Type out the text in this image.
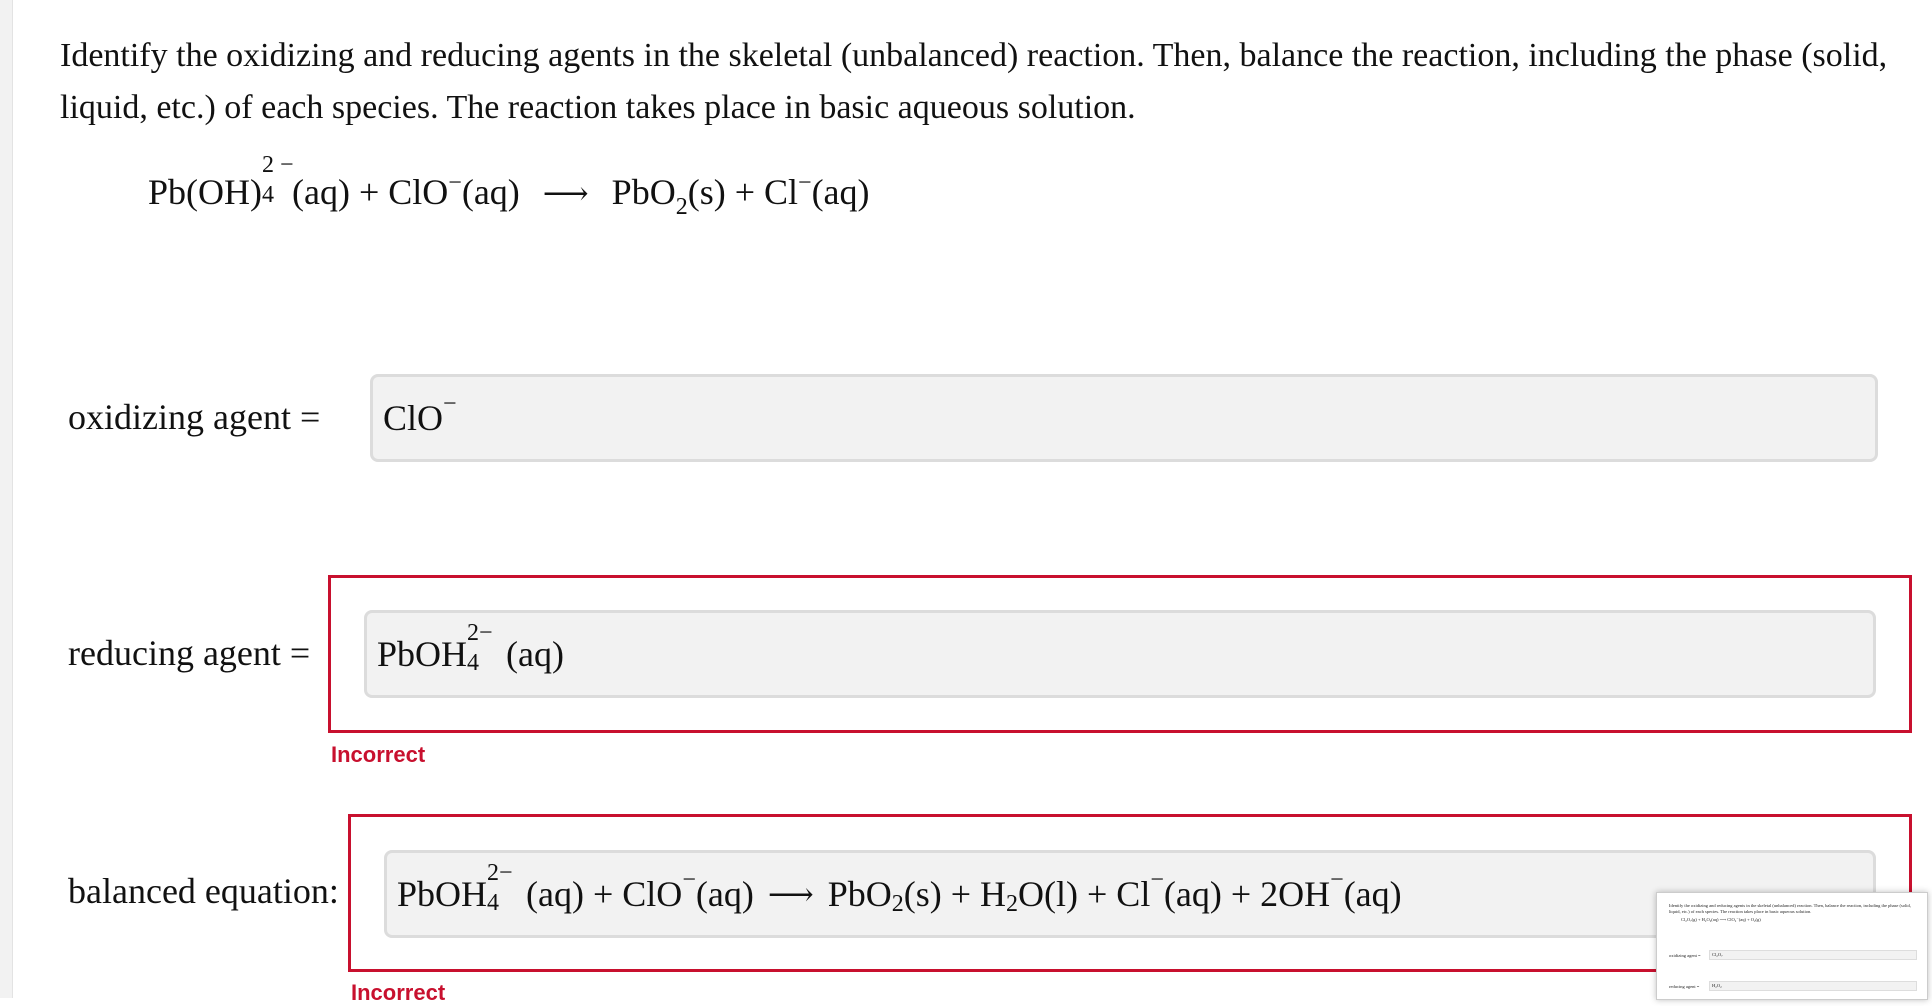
Identify the oxidizing and reducing agents in the skeletal (unbalanced) reaction. Then, balance the reaction, including the phase (solid, liquid, etc.) of each species. The reaction takes place in basic aqueous solution.
Pb(OH)
2 −
4 (aq) + ClO−(aq) ⟶ PbO$_2$(s) + Cl−(aq)
oxidizing agent = ClO −
reducing agent = PbOH
2−
4
(aq)
Incorrect
balanced equation: PbOH
2−
4
(aq) + ClO − (aq) ⟶ PbO 2 (s) + H 2 O(l) + Cl − (aq) + 2OH − (aq)
Incorrect
Identify the oxidizing and reducing agents in the skeletal (unbalanced) reaction. Then, balance the reaction, including the phase (solid, liquid, etc.) of each species. The reaction takes place in basic aqueous solution.
Cl₂O₇(g) + H₂O₂(aq) ⟶ ClO₂⁻(aq) + O₂(g)
oxidizing agent =	Cl₂O₇
reducing agent =	H₂O₂
